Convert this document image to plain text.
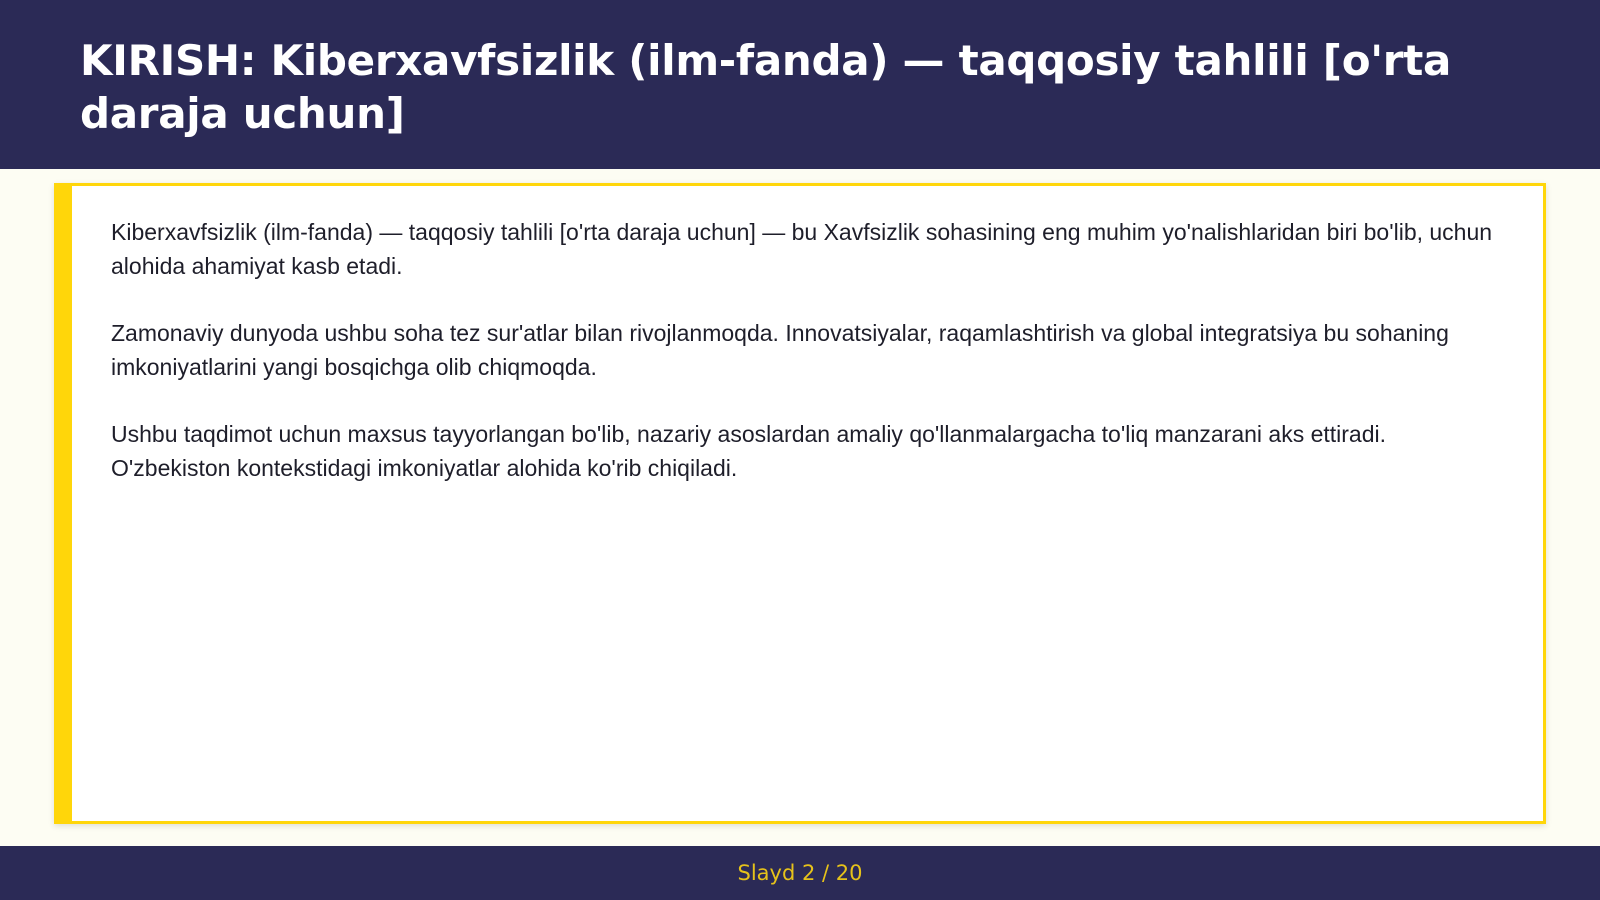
KIRISH: Kiberxavfsizlik (ilm-fanda) — taqqosiy tahlili [o'rta daraja uchun]

Kiberxavfsizlik (ilm-fanda) — taqqosiy tahlili [o'rta daraja uchun] — bu Xavfsizlik sohasining eng muhim yo'nalishlaridan biri bo'lib, uchun alohida ahamiyat kasb etadi.

Zamonaviy dunyoda ushbu soha tez sur'atlar bilan rivojlanmoqda. Innovatsiyalar, raqamlashtirish va global integratsiya bu sohaning imkoniyatlarini yangi bosqichga olib chiqmoqda.

Ushbu taqdimot uchun maxsus tayyorlangan bo'lib, nazariy asoslardan amaliy qo'llanmalargacha to'liq manzarani aks ettiradi. O'zbekiston kontekstidagi imkoniyatlar alohida ko'rib chiqiladi.

Slayd 2 / 20
